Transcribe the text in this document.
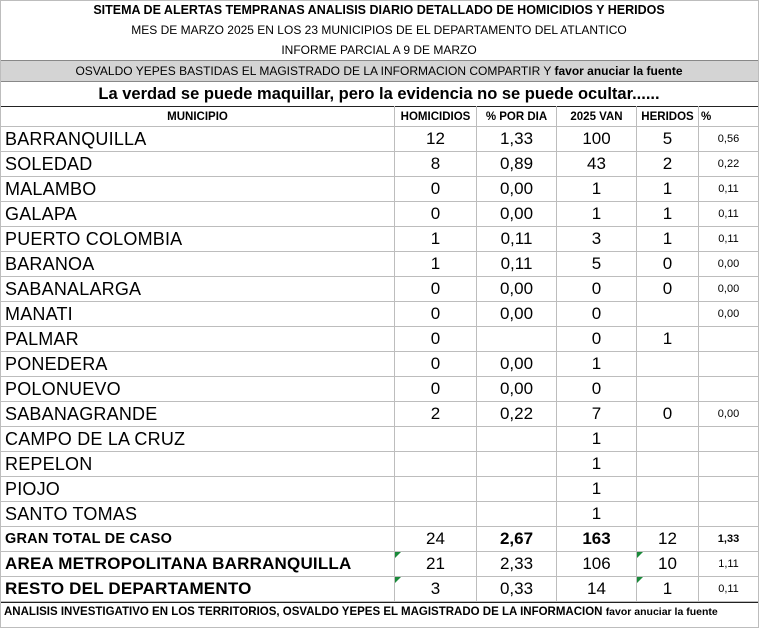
SITEMA DE ALERTAS TEMPRANAS ANALISIS DIARIO DETALLADO DE HOMICIDIOS Y HERIDOS
MES DE MARZO 2025 EN LOS 23 MUNICIPIOS DE EL DEPARTAMENTO DEL ATLANTICO
INFORME PARCIAL A 9 DE MARZO
OSVALDO YEPES BASTIDAS EL MAGISTRADO DE LA INFORMACION COMPARTIR Y favor anuciar la fuente
La verdad se puede maquillar, pero la evidencia no se puede ocultar......
MUNICIPIO	HOMICIDIOS	% POR DIA	2025 VAN	HERIDOS	%
BARRANQUILLA	12	1,33	100	5	0,56
SOLEDAD	8	0,89	43	2	0,22
MALAMBO	0	0,00	1	1	0,11
GALAPA	0	0,00	1	1	0,11
PUERTO COLOMBIA	1	0,11	3	1	0,11
BARANOA	1	0,11	5	0	0,00
SABANALARGA	0	0,00	0	0	0,00
MANATI	0	0,00	0		0,00
PALMAR	0		0	1	
PONEDERA	0	0,00	1		
POLONUEVO	0	0,00	0		
SABANAGRANDE	2	0,22	7	0	0,00
CAMPO DE LA CRUZ			1		
REPELON			1		
PIOJO			1		
SANTO TOMAS			1		
GRAN TOTAL DE CASO	24	2,67	163	12	1,33
AREA METROPOLITANA BARRANQUILLA	21	2,33	106	10	1,11
RESTO DEL DEPARTAMENTO	3	0,33	14	1	0,11
ANALISIS INVESTIGATIVO EN LOS TERRITORIOS, OSVALDO YEPES EL MAGISTRADO DE LA INFORMACION favor anuciar la fuente
